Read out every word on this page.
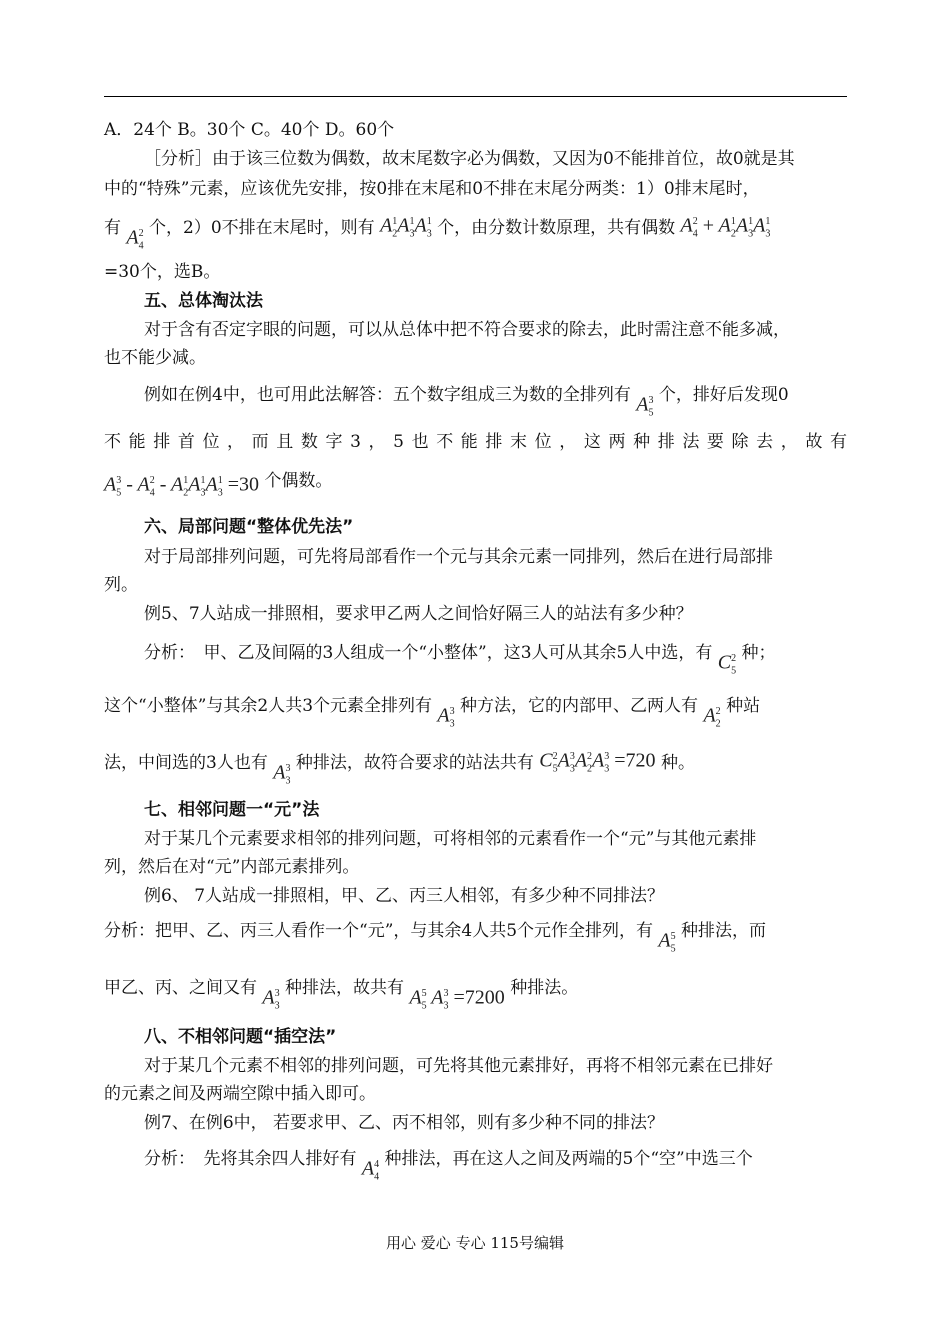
A．24个 B。30个 C。40个 D。60个
［分析］由于该三位数为偶数，故末尾数字必为偶数，又因为0不能排首位，故0就是其
中的“特殊”元素，应该优先安排，按0排在末尾和0不排在末尾分两类：1）0排末尾时，
有 $A_4^2$ 个，2）0不排在末尾时，则有 $A_2^1A_3^1A_3^1$ 个，由分数计数原理，共有偶数 $A_4^2 + A_2^1A_3^1A_3^1$
=30个，选B。
五、总体淘汰法
对于含有否定字眼的问题，可以从总体中把不符合要求的除去，此时需注意不能多减，
也不能少减。
例如在例4中，也可用此法解答：五个数字组成三为数的全排列有 $A_5^3$ 个，排好后发现0
不能排首位，而且数字3，5也不能排末位，这两种排法要除去，故有
$A_5^3 - A_4^2 - A_2^1A_3^1A_3^1 =30$ 个偶数。
六、局部问题“整体优先法”
对于局部排列问题，可先将局部看作一个元与其余元素一同排列，然后在进行局部排
列。
例5、7人站成一排照相，要求甲乙两人之间恰好隔三人的站法有多少种？
分析：　甲、乙及间隔的3人组成一个“小整体”，这3人可从其余5人中选，有 $C_5^2$ 种；
这个“小整体”与其余2人共3个元素全排列有 $A_3^3$ 种方法，它的内部甲、乙两人有 $A_2^2$ 种站
法，中间选的3人也有 $A_3^3$ 种排法，故符合要求的站法共有 $C_5^2A_3^3A_2^2A_3^3 =720$ 种。
七、相邻问题一“元”法
对于某几个元素要求相邻的排列问题，可将相邻的元素看作一个“元”与其他元素排
列，然后在对“元”内部元素排列。
例6、 7人站成一排照相，甲、乙、丙三人相邻，有多少种不同排法？
分析：把甲、乙、丙三人看作一个“元”，与其余4人共5个元作全排列，有 $A_5^5$ 种排法，而
甲乙、丙、之间又有 $A_3^3$ 种排法，故共有 $A_5^5$ $A_3^3 =7200$ 种排法。
八、不相邻问题“插空法”
对于某几个元素不相邻的排列问题，可先将其他元素排好，再将不相邻元素在已排好
的元素之间及两端空隙中插入即可。
例7、在例6中， 若要求甲、乙、丙不相邻，则有多少种不同的排法？
分析：　先将其余四人排好有 $A_4^4$ 种排法，再在这人之间及两端的5个“空”中选三个
用心 爱心 专心 115号编辑
